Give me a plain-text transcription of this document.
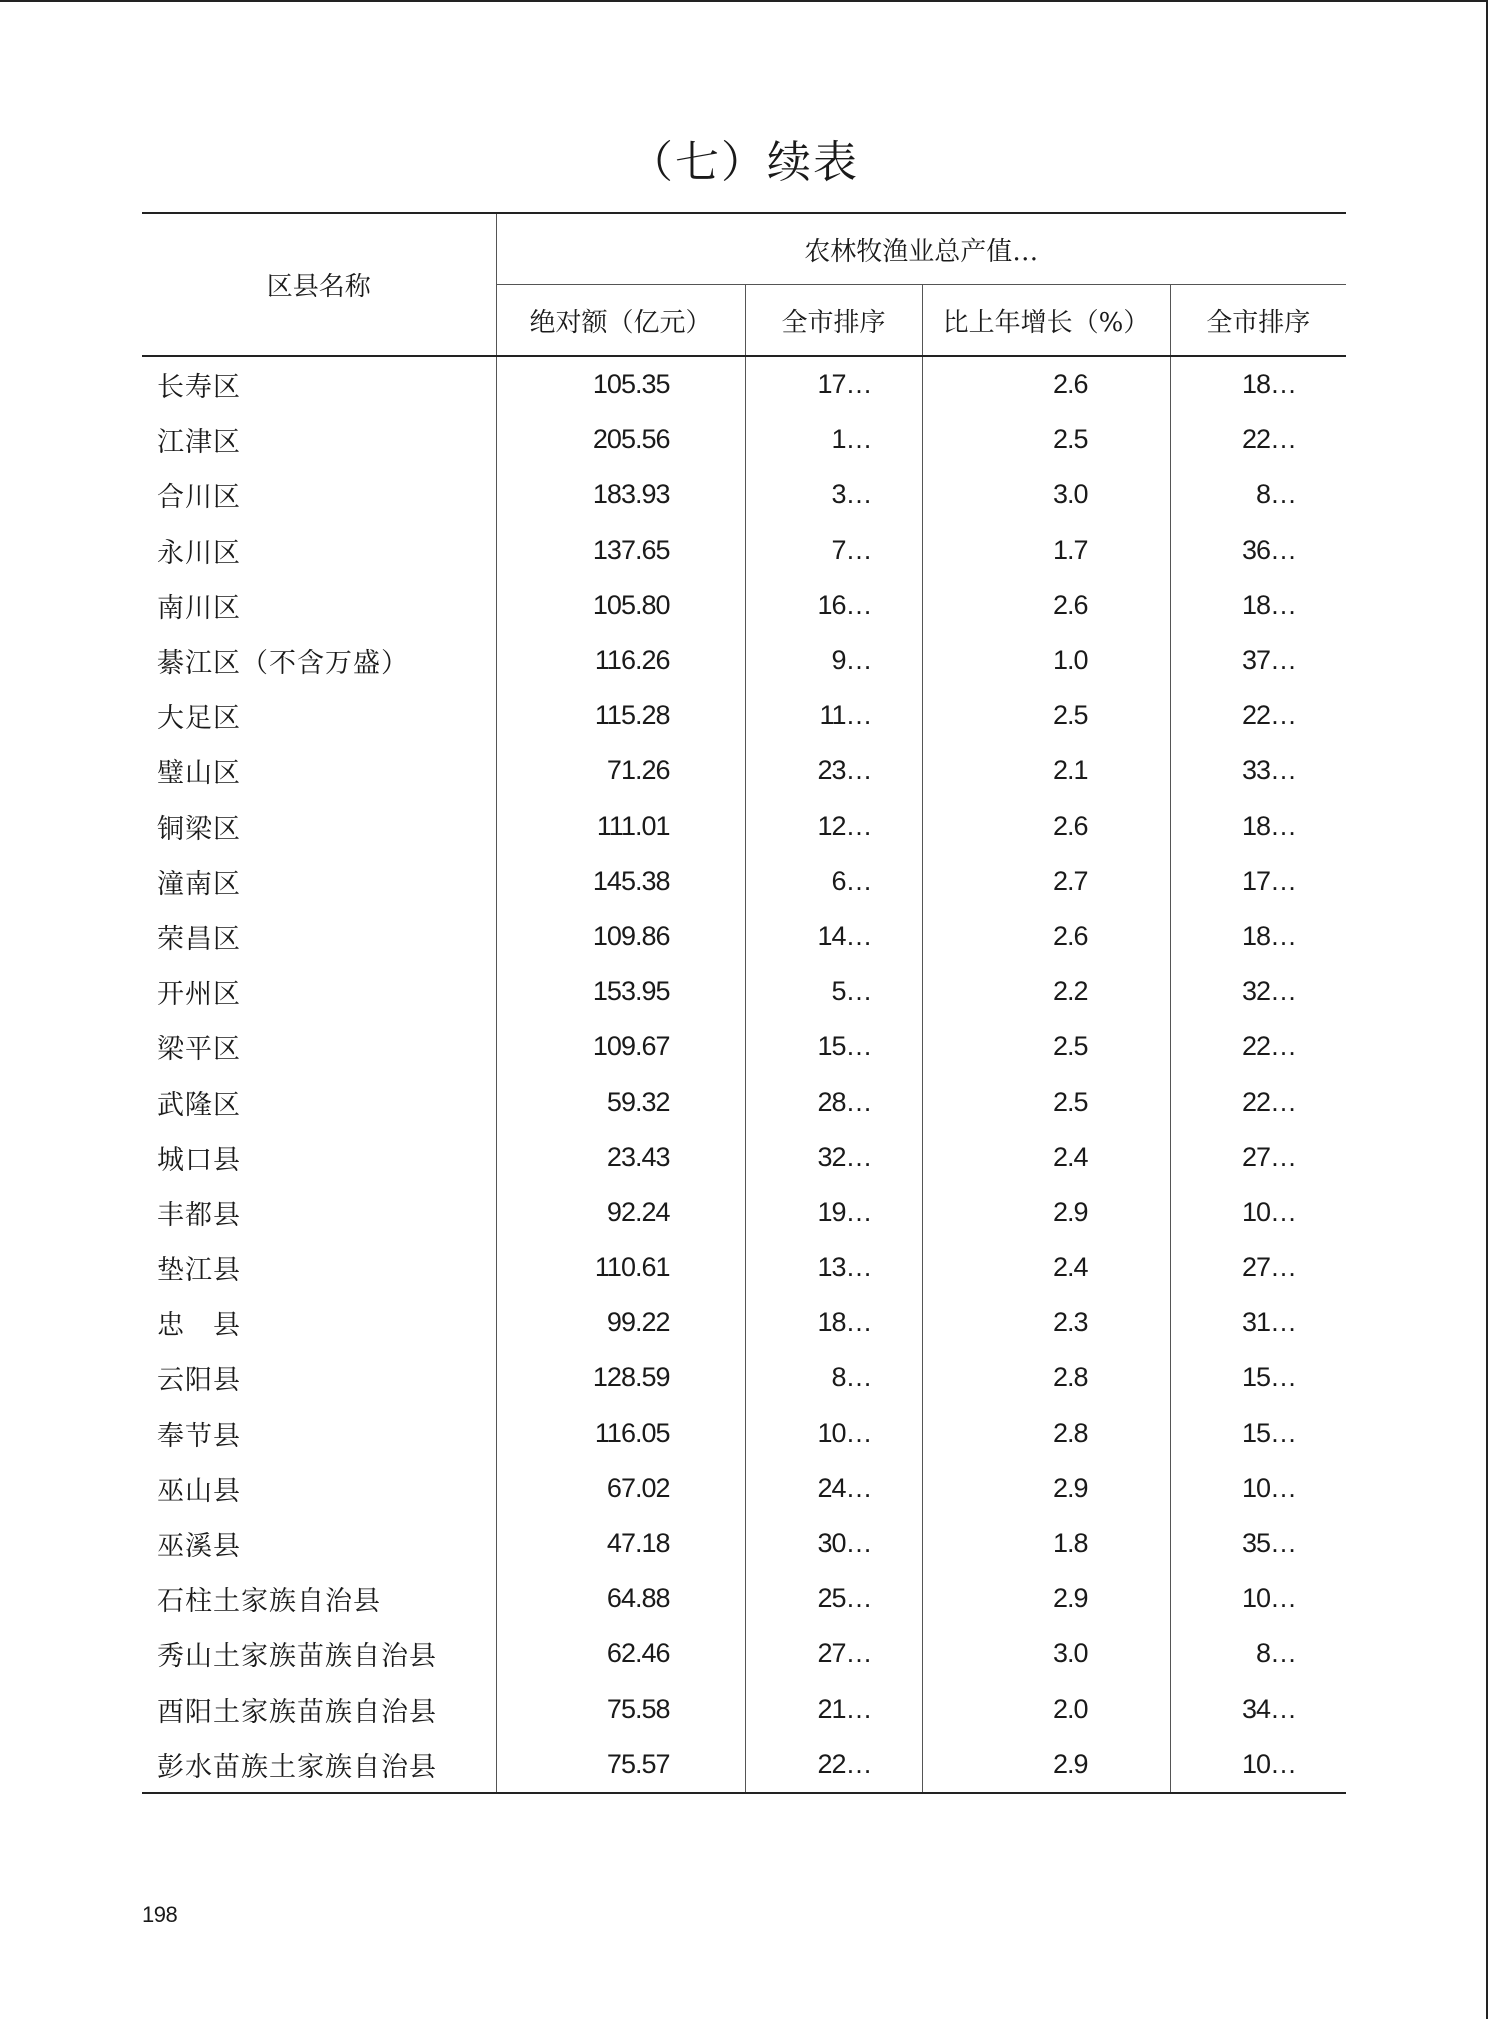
（七）续表
区县名称	农林牧渔业总产值…			
	绝对额（亿元）	全市排序	比上年增长（%）	全市排序
长寿区	105.35	17…	2.6	18…
江津区	205.56	1…	2.5	22…
合川区	183.93	3…	3.0	8…
永川区	137.65	7…	1.7	36…
南川区	105.80	16…	2.6	18…
綦江区（不含万盛）	116.26	9…	1.0	37…
大足区	115.28	11…	2.5	22…
璧山区	71.26	23…	2.1	33…
铜梁区	111.01	12…	2.6	18…
潼南区	145.38	6…	2.7	17…
荣昌区	109.86	14…	2.6	18…
开州区	153.95	5…	2.2	32…
梁平区	109.67	15…	2.5	22…
武隆区	59.32	28…	2.5	22…
城口县	23.43	32…	2.4	27…
丰都县	92.24	19…	2.9	10…
垫江县	110.61	13…	2.4	27…
忠　县	99.22	18…	2.3	31…
云阳县	128.59	8…	2.8	15…
奉节县	116.05	10…	2.8	15…
巫山县	67.02	24…	2.9	10…
巫溪县	47.18	30…	1.8	35…
石柱土家族自治县	64.88	25…	2.9	10…
秀山土家族苗族自治县	62.46	27…	3.0	8…
酉阳土家族苗族自治县	75.58	21…	2.0	34…
彭水苗族土家族自治县	75.57	22…	2.9	10…
198
